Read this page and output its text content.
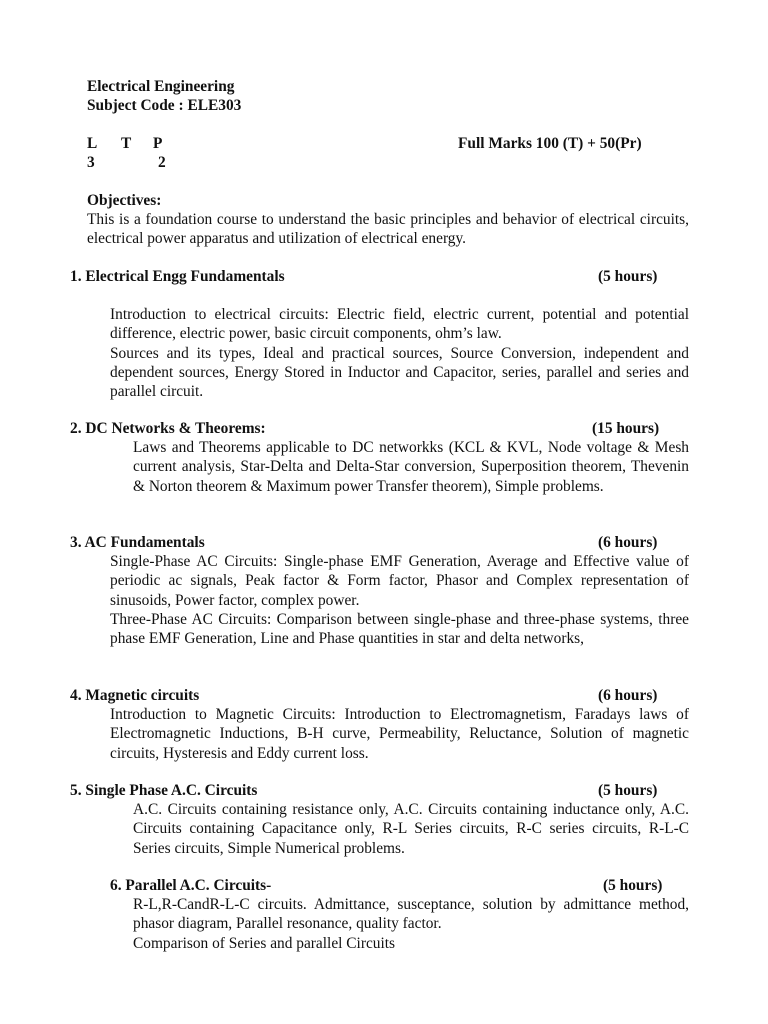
Electrical Engineering
Subject Code : ELE303
L T P	Full Marks 100 (T) + 50(Pr)
3	2
Objectives:

This is a foundation course to understand the basic principles and behavior of electrical circuits, electrical power apparatus and utilization of electrical energy.

1. Electrical Engg Fundamentals	(5 hours)

Introduction to electrical circuits: Electric field, electric current, potential and potential difference, electric power, basic circuit components, ohm’s law.

Sources and its types, Ideal and practical sources, Source Conversion, independent and dependent sources, Energy Stored in Inductor and Capacitor, series, parallel and series and parallel circuit.

2. DC Networks & Theorems:	(15 hours)

Laws and Theorems applicable to DC networkks (KCL & KVL, Node voltage & Mesh current analysis, Star-Delta and Delta-Star conversion, Superposition theorem, Thevenin & Norton theorem & Maximum power Transfer theorem), Simple problems.

3. AC Fundamentals	(6 hours)

Single-Phase AC Circuits: Single-phase EMF Generation, Average and Effective value of periodic ac signals, Peak factor & Form factor, Phasor and Complex representation of sinusoids, Power factor, complex power.

Three-Phase AC Circuits: Comparison between single-phase and three-phase systems, three phase EMF Generation, Line and Phase quantities in star and delta networks,

4. Magnetic circuits	(6 hours)

Introduction to Magnetic Circuits: Introduction to Electromagnetism, Faradays laws of Electromagnetic Inductions, B-H curve, Permeability, Reluctance, Solution of magnetic circuits, Hysteresis and Eddy current loss.

5. Single Phase A.C. Circuits	(5 hours)

A.C. Circuits containing resistance only, A.C. Circuits containing inductance only, A.C. Circuits containing Capacitance only, R-L Series circuits, R-C series circuits, R-L-C Series circuits, Simple Numerical problems.

6. Parallel A.C. Circuits-	(5 hours)

R-L,R-CandR-L-C circuits. Admittance, susceptance, solution by admittance method, phasor diagram, Parallel resonance, quality factor.

Comparison of Series and parallel Circuits
